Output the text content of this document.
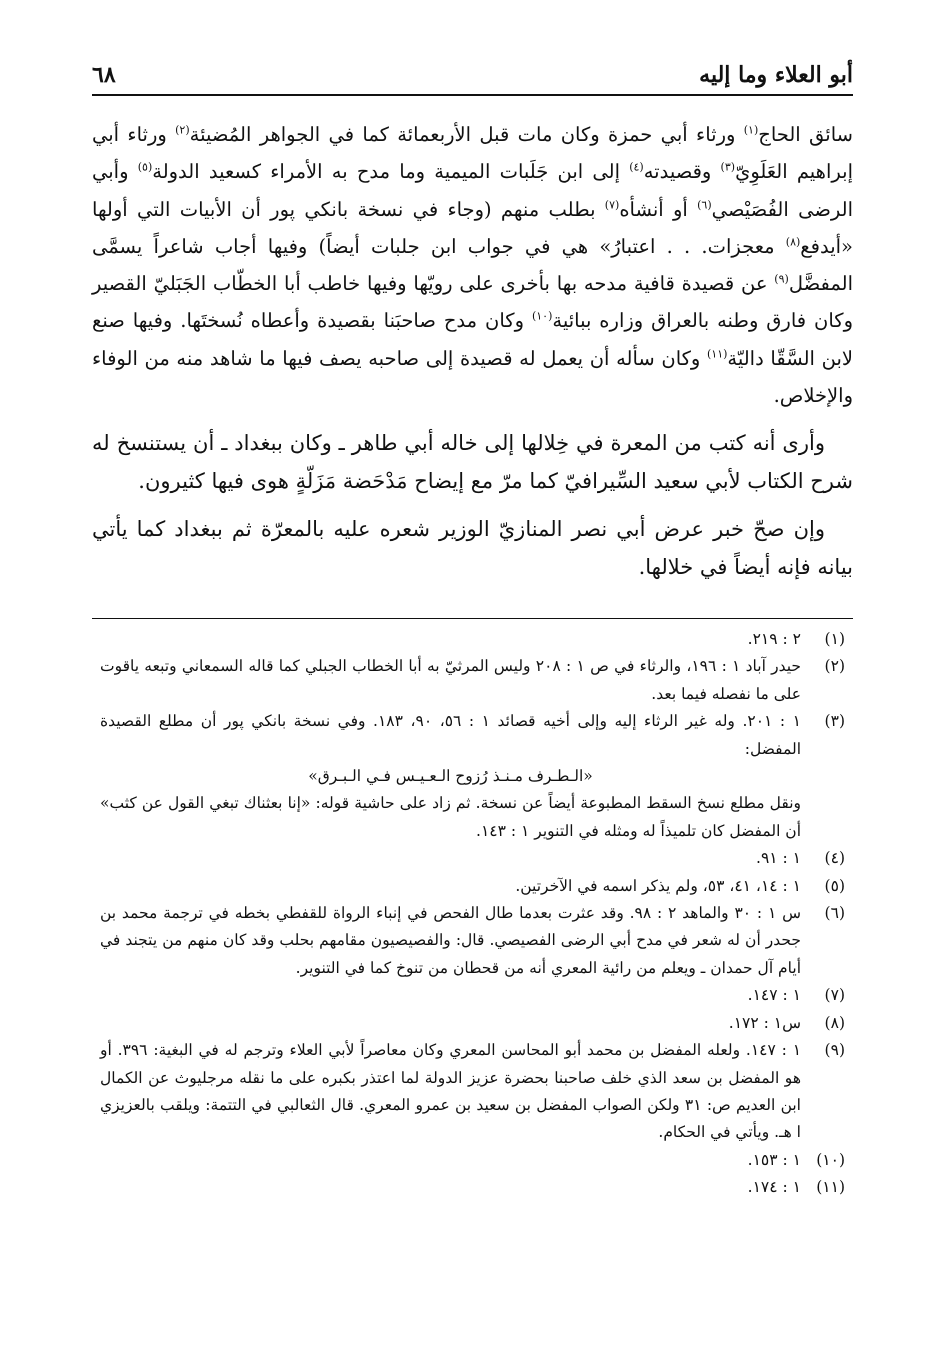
أبو العلاء وما إليه
٦٨

سائق الحاج$^{(١)}$ ورثاء أبي حمزة وكان مات قبل الأربعمائة كما في الجواهر المُضيئة$^{(٢)}$ ورثاء أبي إبراهيم العَلَوِيّ$^{(٣)}$ وقصيدته$^{(٤)}$ إلى ابن جَلَبات الميمية وما مدح به الأمراء كسعيد الدولة$^{(٥)}$ وأبي الرضى الفُصَيْصي$^{(٦)}$ أو أنشأه$^{(٧)}$ بطلب منهم (وجاء في نسخة بانكي پور أن الأبيات التي أولها «أيدفع$^{(٨)}$ معجزات. . . اعتبارُ» هي في جواب ابن جلبات أيضاً) وفيها أجاب شاعراً يسمَّى المفضَّل$^{(٩)}$ عن قصيدة قافية مدحه بها بأخرى على رويّها وفيها خاطب أبا الخطّاب الجَبَليّ القصير وكان فارق وطنه بالعراق وزاره ببائية$^{(١٠)}$ وكان مدح صاحبَنا بقصيدة وأعطاه نُسختَها. وفيها صنع لابن السَّقّا داليّة$^{(١١)}$ وكان سأله أن يعمل له قصيدة إلى صاحبه يصف فيها ما شاهد منه من الوفاء والإخلاص.

وأرى أنه كتب من المعرة في خِلالها إلى خاله أبي طاهر ـ وكان ببغداد ـ أن يستنسخ له شرح الكتاب لأبي سعيد السِّيرافيّ كما مرّ مع إيضاح مَدْحَضة مَزَلّةٍ هوى فيها كثيرون.

وإن صحّ خبر عرض أبي نصر المنازيّ الوزير شعره عليه بالمعرّة ثم ببغداد كما يأتي بيانه فإنه أيضاً في خلالها.

(١)
٢ : ٢١٩.
(٢)
حيدر آباد ١ : ١٩٦، والرثاء في ص ١ : ٢٠٨ وليس المرثيّ به أبا الخطاب الجبلي كما قاله السمعاني وتبعه ياقوت على ما نفصله فيما بعد.
(٣)
١ : ٢٠١. وله غير الرثاء إليه وإلى أخيه قصائد ١ : ٥٦، ٩٠، ١٨٣. وفي نسخة بانكي پور أن مطلع القصيدة المفضل:
«الـطـرف مـنـذ رُزوح الـعـيـس فـي الـبـرق»
ونقل مطلع نسخ السقط المطبوعة أيضاً عن نسخة. ثم زاد على حاشية قوله: «إنا بعثناك تبغي القول عن كثب» أن المفضل كان تلميذاً له ومثله في التنوير ١ : ١٤٣.
(٤)
١ : ٩١.
(٥)
١ : ١٤، ٤١، ٥٣، ولم يذكر اسمه في الآخرتين.
(٦)
س ١ : ٣٠ والماهد ٢ : ٩٨. وقد عثرت بعدما طال الفحص في إنباء الرواة للقفطي بخطه في ترجمة محمد بن جحدر أن له شعر في مدح أبي الرضى الفصيصي. قال: والفصيصيون مقامهم بحلب وقد كان منهم من يتجند في أيام آل حمدان ـ ويعلم من رائية المعري أنه من قحطان من تنوخ كما في التنوير.
(٧)
١ : ١٤٧.
(٨)
س١ : ١٧٢.
(٩)
١ : ١٤٧. ولعله المفضل بن محمد أبو المحاسن المعري وكان معاصراً لأبي العلاء وترجم له في البغية: ٣٩٦. أو هو المفضل بن سعد الذي خلف صاحبنا بحضرة عزيز الدولة لما اعتذر بكبره على ما نقله مرجليوث عن الكمال ابن العديم ص: ٣١ ولكن الصواب المفضل بن سعيد بن عمرو المعري. قال الثعالبي في التتمة: ويلقب بالعزيزي ا هـ. ويأتي في الحكام.
(١٠)
١ : ١٥٣.
(١١)
١ : ١٧٤.
